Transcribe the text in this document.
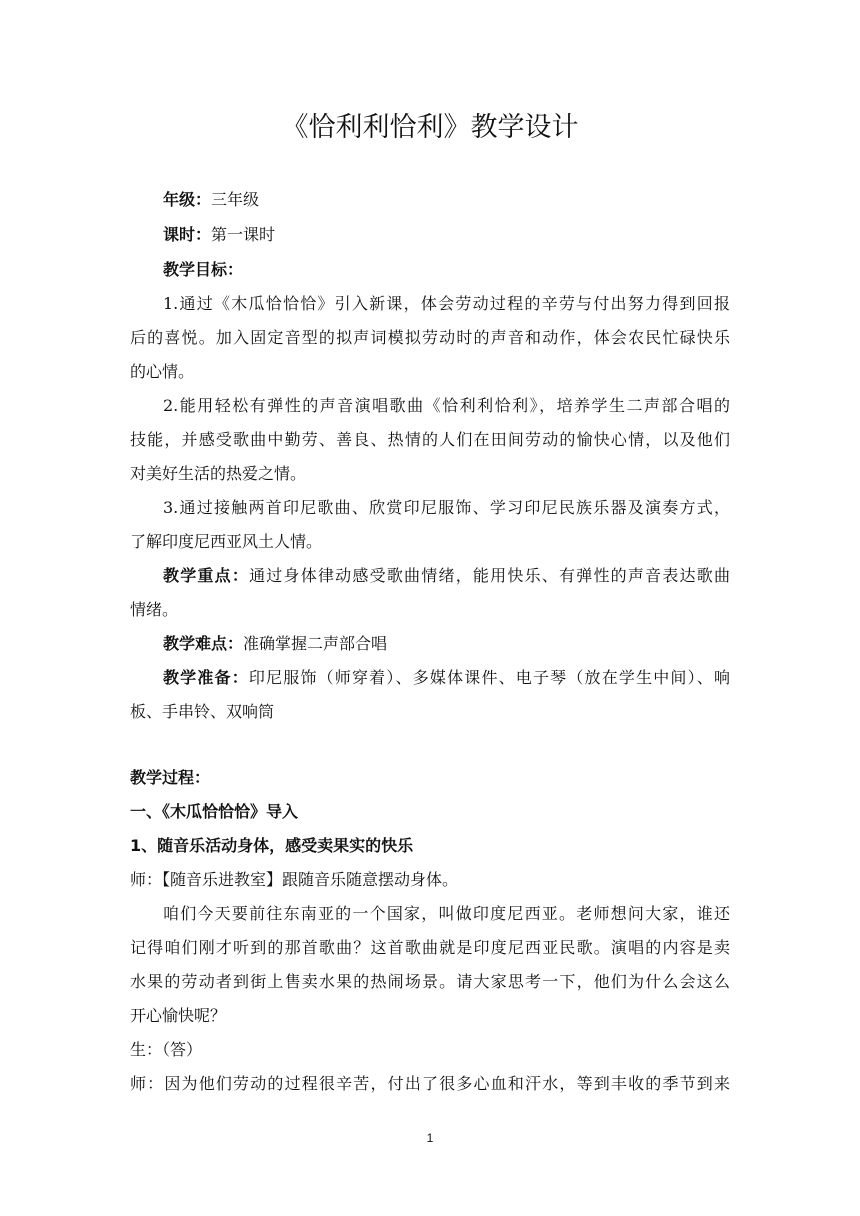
《恰利利恰利》教学设计
年级：三年级
课时：第一课时
教学目标：
1.通过《木瓜恰恰恰》引入新课，体会劳动过程的辛劳与付出努力得到回报
后的喜悦。加入固定音型的拟声词模拟劳动时的声音和动作，体会农民忙碌快乐
的心情。
2.能用轻松有弹性的声音演唱歌曲《恰利利恰利》，培养学生二声部合唱的
技能，并感受歌曲中勤劳、善良、热情的人们在田间劳动的愉快心情，以及他们
对美好生活的热爱之情。
3.通过接触两首印尼歌曲、欣赏印尼服饰、学习印尼民族乐器及演奏方式，
了解印度尼西亚风土人情。
教学重点：通过身体律动感受歌曲情绪，能用快乐、有弹性的声音表达歌曲
情绪。
教学难点：准确掌握二声部合唱
教学准备：印尼服饰（师穿着）、多媒体课件、电子琴（放在学生中间）、响
板、手串铃、双响筒
教学过程：
一、《木瓜恰恰恰》导入
1、随音乐活动身体，感受卖果实的快乐
师：【随音乐进教室】跟随音乐随意摆动身体。
咱们今天要前往东南亚的一个国家，叫做印度尼西亚。老师想问大家，谁还
记得咱们刚才听到的那首歌曲？这首歌曲就是印度尼西亚民歌。演唱的内容是卖
水果的劳动者到街上售卖水果的热闹场景。请大家思考一下，他们为什么会这么
开心愉快呢？
生：（答）
师：因为他们劳动的过程很辛苦，付出了很多心血和汗水，等到丰收的季节到来
1
